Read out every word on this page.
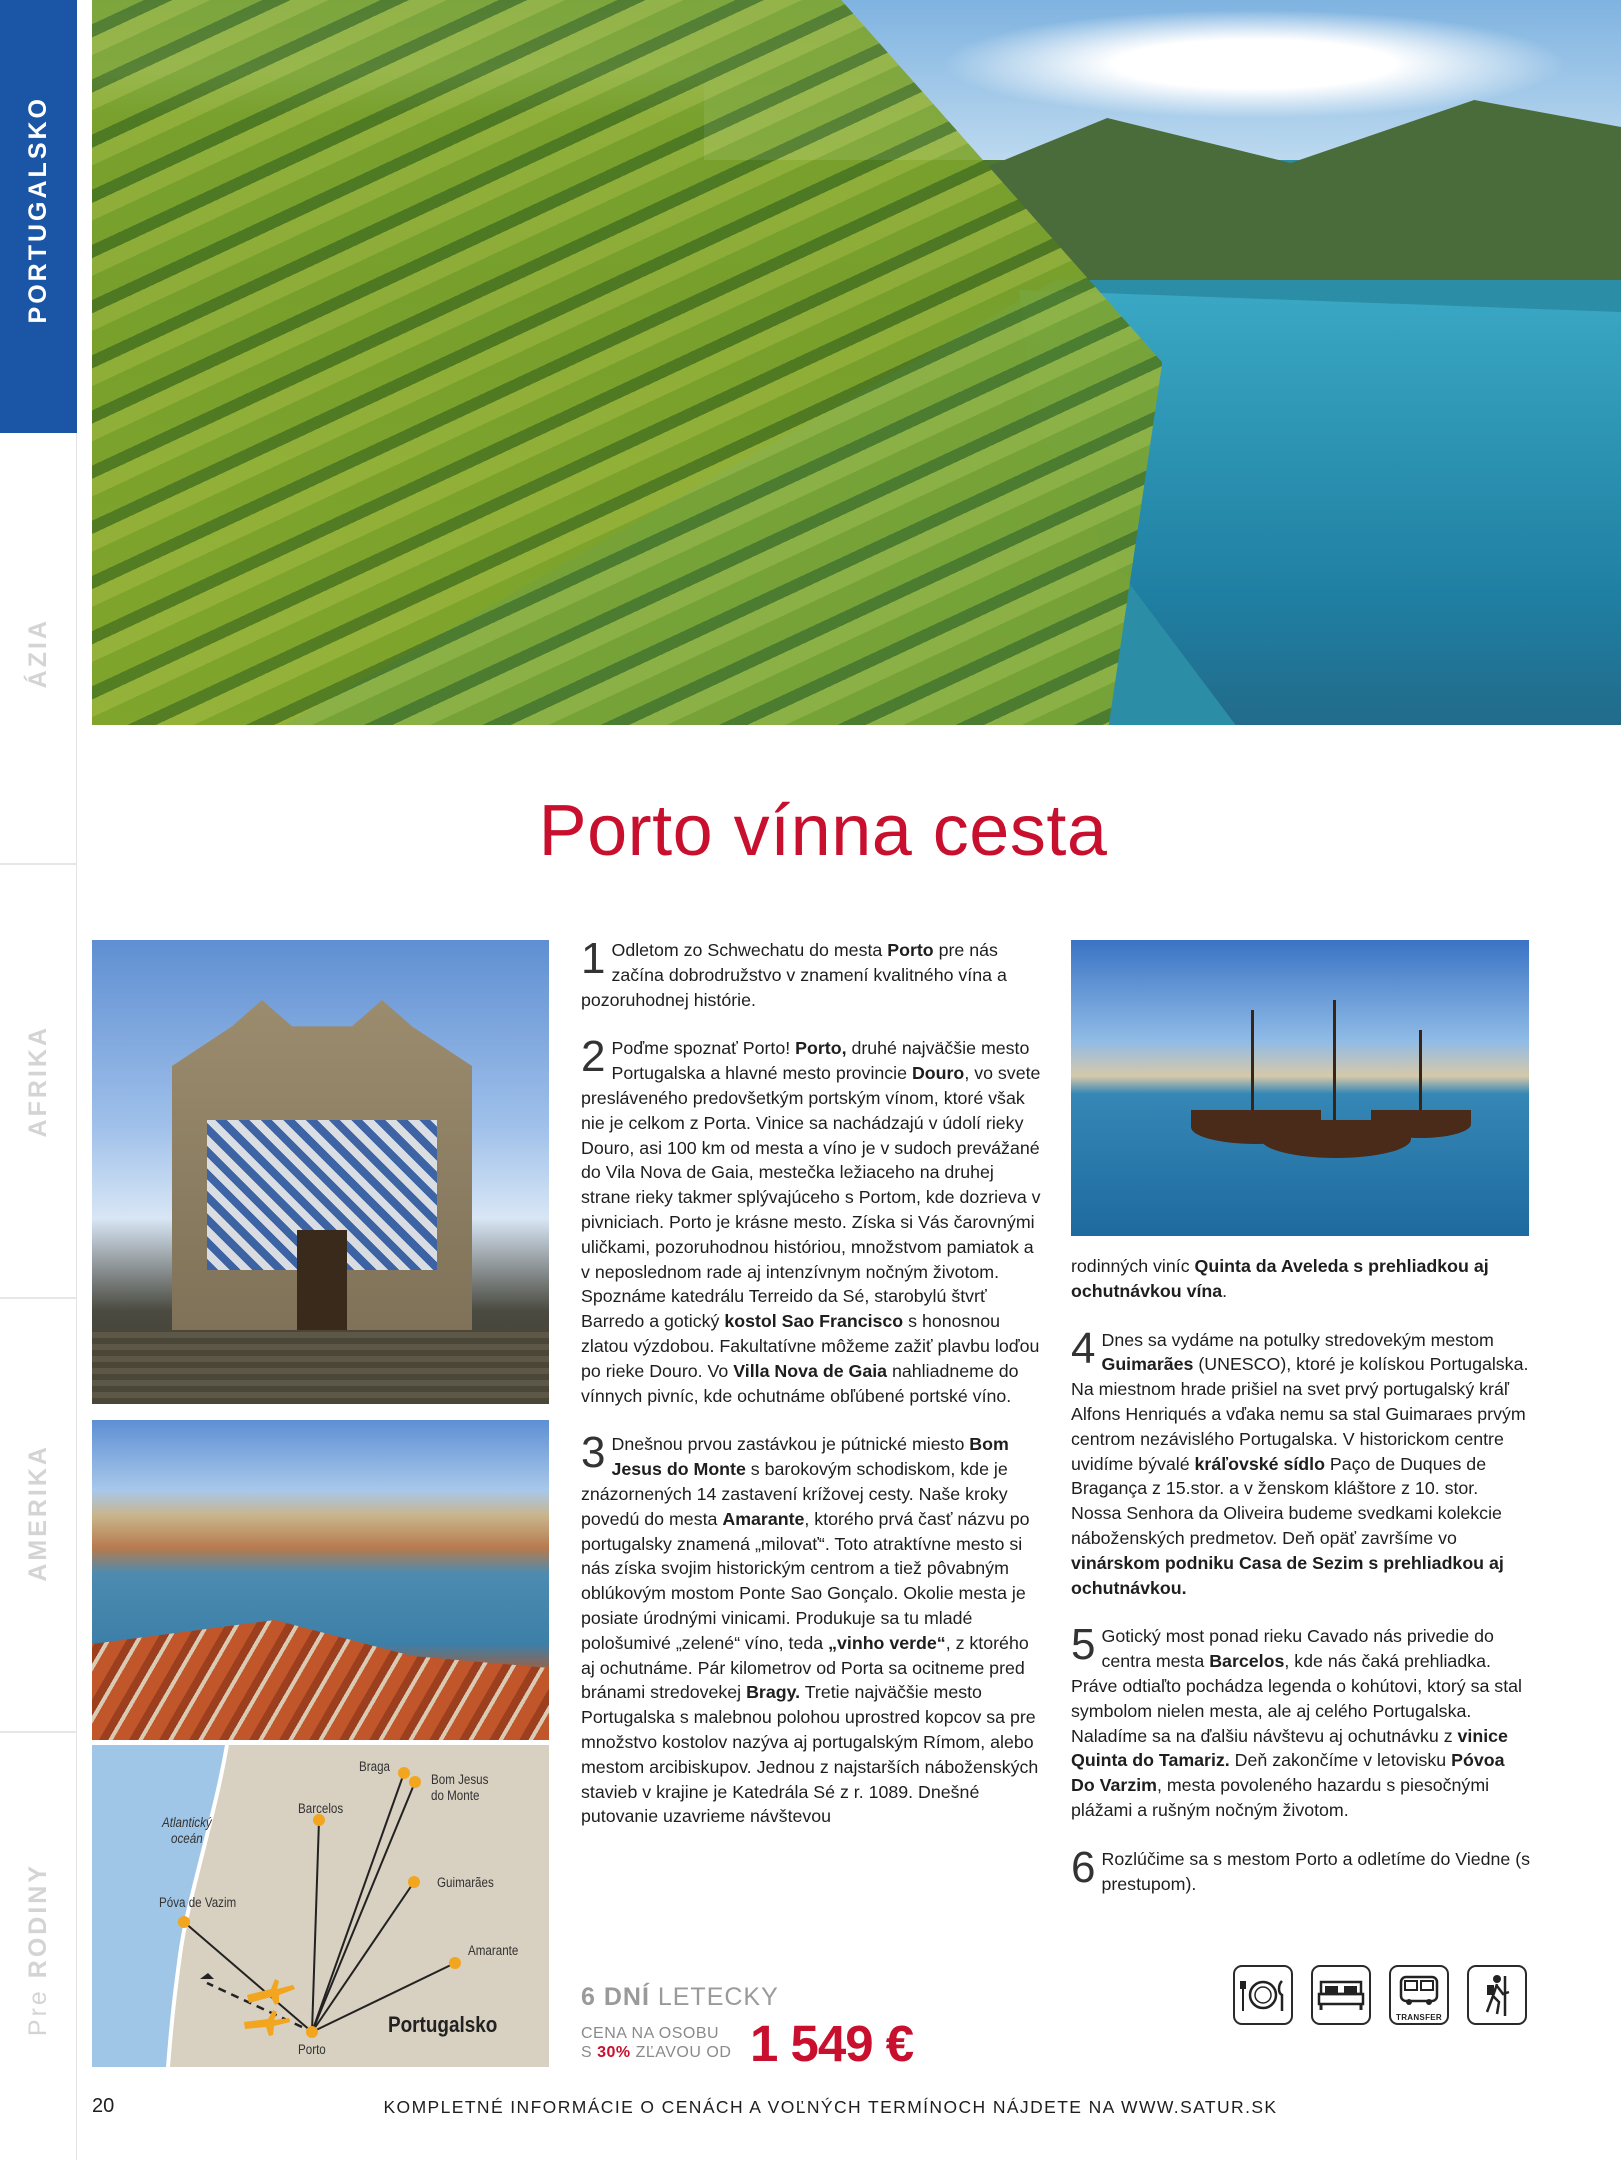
PORTUGALSKO
ÁZIA
AFRIKA
AMERIKA
Pre RODINY
Porto vínna cesta
Braga
Bom Jesus
do Monte
Barcelos
Guimarães
Póva de Vazim
Amarante
Porto
Atlantický
oceán
Portugalsko
1 Odletom zo Schwechatu do mesta Porto pre nás začína dobrodružstvo v znamení kvalitného vína a pozoruhodnej histórie.
2 Poďme spoznať Porto! Porto, druhé najväčšie mesto Portugalska a hlavné mesto provincie Douro, vo svete presláveného predovšetkým portským vínom, ktoré však nie je celkom z Porta. Vinice sa nachádzajú v údolí rieky Douro, asi 100 km od mesta a víno je v sudoch prevážané do Vila Nova de Gaia, mestečka ležiaceho na druhej strane rieky takmer splývajúceho s Portom, kde dozrieva v pivniciach. Porto je krásne mesto. Získa si Vás čarovnými uličkami, pozoruhodnou históriou, množstvom pamiatok a v neposlednom rade aj intenzívnym nočným životom. Spoznáme katedrálu Terreido da Sé, starobylú štvrť Barredo a gotický kostol Sao Francisco s honosnou zlatou výzdobou. Fakultatívne môžeme zažiť plavbu loďou po rieke Douro. Vo Villa Nova de Gaia nahliadneme do vínnych pivníc, kde ochutnáme obľúbené portské víno.
3 Dnešnou prvou zastávkou je pútnické miesto Bom Jesus do Monte s barokovým schodiskom, kde je znázornených 14 zastavení krížovej cesty. Naše kroky povedú do mesta Amarante, ktorého prvá časť názvu po portugalsky znamená „milovať“. Toto atraktívne mesto si nás získa svojim historickým centrom a tiež pôvabným oblúkovým mostom Ponte Sao Gonçalo. Okolie mesta je posiate úrodnými vinicami. Produkuje sa tu mladé pološumivé „zelené“ víno, teda „vinho verde“, z ktorého aj ochutnáme. Pár kilometrov od Porta sa ocitneme pred bránami stredovekej Bragy. Tretie najväčšie mesto Portugalska s malebnou polohou uprostred kopcov sa pre množstvo kostolov nazýva aj portugalským Rímom, alebo mestom arcibiskupov. Jednou z najstarších náboženských stavieb v krajine je Katedrála Sé z r. 1089. Dnešné putovanie uzavrieme návštevou
rodinných viníc Quinta da Aveleda s prehliadkou aj ochutnávkou vína.
4 Dnes sa vydáme na potulky stredovekým mestom Guimarães (UNESCO), ktoré je kolískou Portugalska. Na miestnom hrade prišiel na svet prvý portugalský kráľ Alfons Henriqués a vďaka nemu sa stal Guimaraes prvým centrom nezávislého Portugalska. V historickom centre uvidíme bývalé kráľovské sídlo Paço de Duques de Bragança z 15.stor. a v ženskom kláštore z 10. stor. Nossa Senhora da Oliveira budeme svedkami kolekcie náboženských predmetov. Deň opäť završíme vo vinárskom podniku Casa de Sezim s prehliadkou aj ochutnávkou.
5 Gotický most ponad rieku Cavado nás privedie do centra mesta Barcelos, kde nás čaká prehliadka. Práve odtiaľto pochádza legenda o kohútovi, ktorý sa stal symbolom nielen mesta, ale aj celého Portugalska. Naladíme sa na ďalšiu návštevu aj ochutnávku z vinice Quinta do Tamariz. Deň zakončíme v letovisku Póvoa Do Varzim, mesta povoleného hazardu s piesočnými plážami a rušným nočným životom.
6 Rozlúčime sa s mestom Porto a odletíme do Viedne (s prestupom).
6 DNÍ LETECKY
CENA NA OSOBU
S 30% ZĽAVOU OD 1 549 €	TRANSFER
20	KOMPLETNÉ INFORMÁCIE O CENÁCH A VOĽNÝCH TERMÍNOCH NÁJDETE NA WWW.SATUR.SK
